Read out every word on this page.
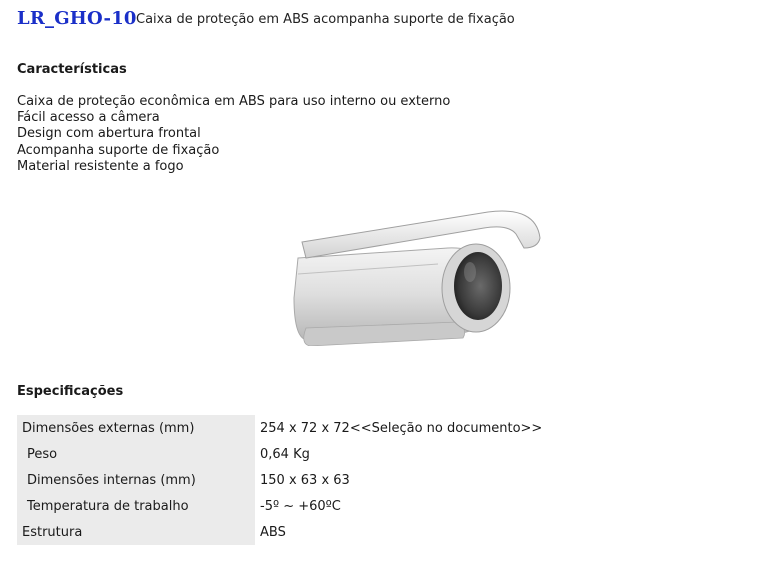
LR_GHO-10 Caixa de proteção em ABS acompanha suporte de fixação
Características
Caixa de proteção econômica em ABS para uso interno ou externo
Fácil acesso a câmera
Design com abertura frontal
Acompanha suporte de fixação
Material resistente a fogo
Especificações
Dimensões externas (mm)		254 x 72 x 72<<Seleção no documento>>
Peso		0,64 Kg
Dimensões internas (mm)		150 x 63 x 63
Temperatura de trabalho		-5º ~ +60ºC
Estrutura		ABS
